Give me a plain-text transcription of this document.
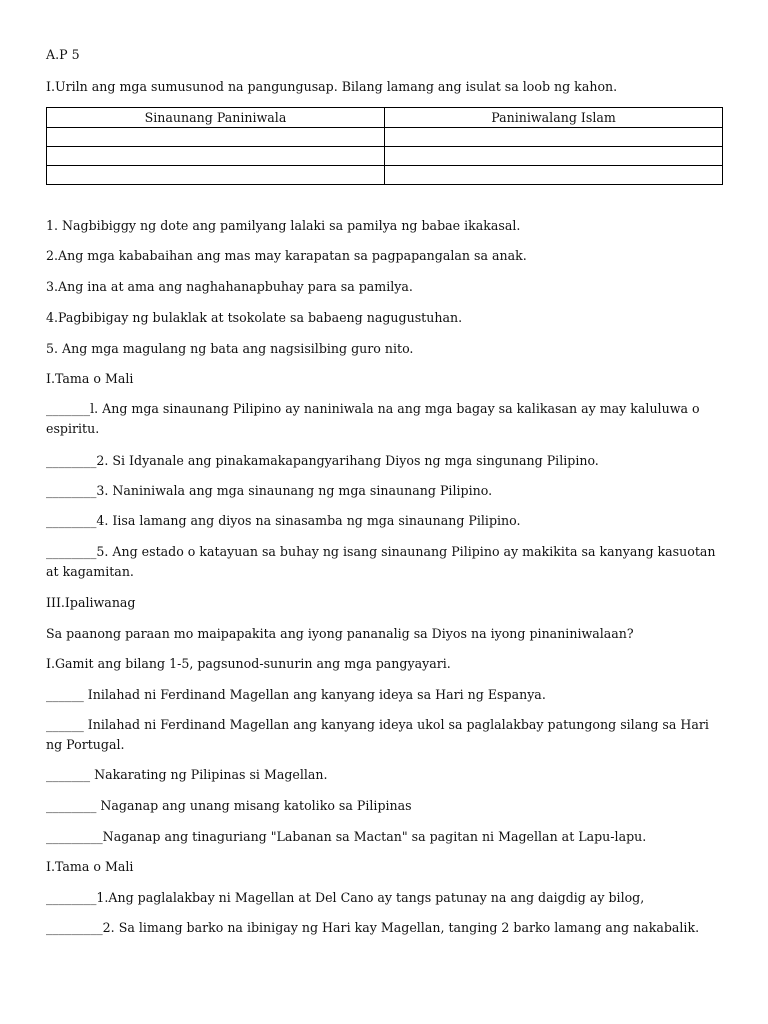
A.P 5

I.Uriln ang mga sumusunod na pangungusap. Bilang lamang ang isulat sa loob ng kahon.

Sinaunang Paniniwala	Paniniwalang Islam

1. Nagbibiggy ng dote ang pamilyang lalaki sa pamilya ng babae ikakasal.

2.Ang mga kababaihan ang mas may karapatan sa pagpapangalan sa anak.

3.Ang ina at ama ang naghahanapbuhay para sa pamilya.

4.Pagbibigay ng bulaklak at tsokolate sa babaeng nagugustuhan.

5. Ang mga magulang ng bata ang nagsisilbing guro nito.

I.Tama o Mali

_______l. Ang mga sinaunang Pilipino ay naniniwala na ang mga bagay sa kalikasan ay may kaluluwa o espiritu.

________2. Si Idyanale ang pinakamakapangyarihang Diyos ng mga singunang Pilipino.

________3. Naniniwala ang mga sinaunang ng mga sinaunang Pilipino.

________4. Iisa lamang ang diyos na sinasamba ng mga sinaunang Pilipino.

________5. Ang estado o katayuan sa buhay ng isang sinaunang Pilipino ay makikita sa kanyang kasuotan at kagamitan.

III.Ipaliwanag

Sa paanong paraan mo maipapakita ang iyong pananalig sa Diyos na iyong pinaniniwalaan?

I.Gamit ang bilang 1-5, pagsunod-sunurin ang mga pangyayari.

______ Inilahad ni Ferdinand Magellan ang kanyang ideya sa Hari ng Espanya.

______ Inilahad ni Ferdinand Magellan ang kanyang ideya ukol sa paglalakbay patungong silang sa Hari ng Portugal.

_______ Nakarating ng Pilipinas si Magellan.

________ Naganap ang unang misang katoliko sa Pilipinas

_________Naganap ang tinaguriang "Labanan sa Mactan" sa pagitan ni Magellan at Lapu-lapu.

I.Tama o Mali

________1.Ang paglalakbay ni Magellan at Del Cano ay tangs patunay na ang daigdig ay bilog,

_________2. Sa limang barko na ibinigay ng Hari kay Magellan, tanging 2 barko lamang ang nakabalik.
